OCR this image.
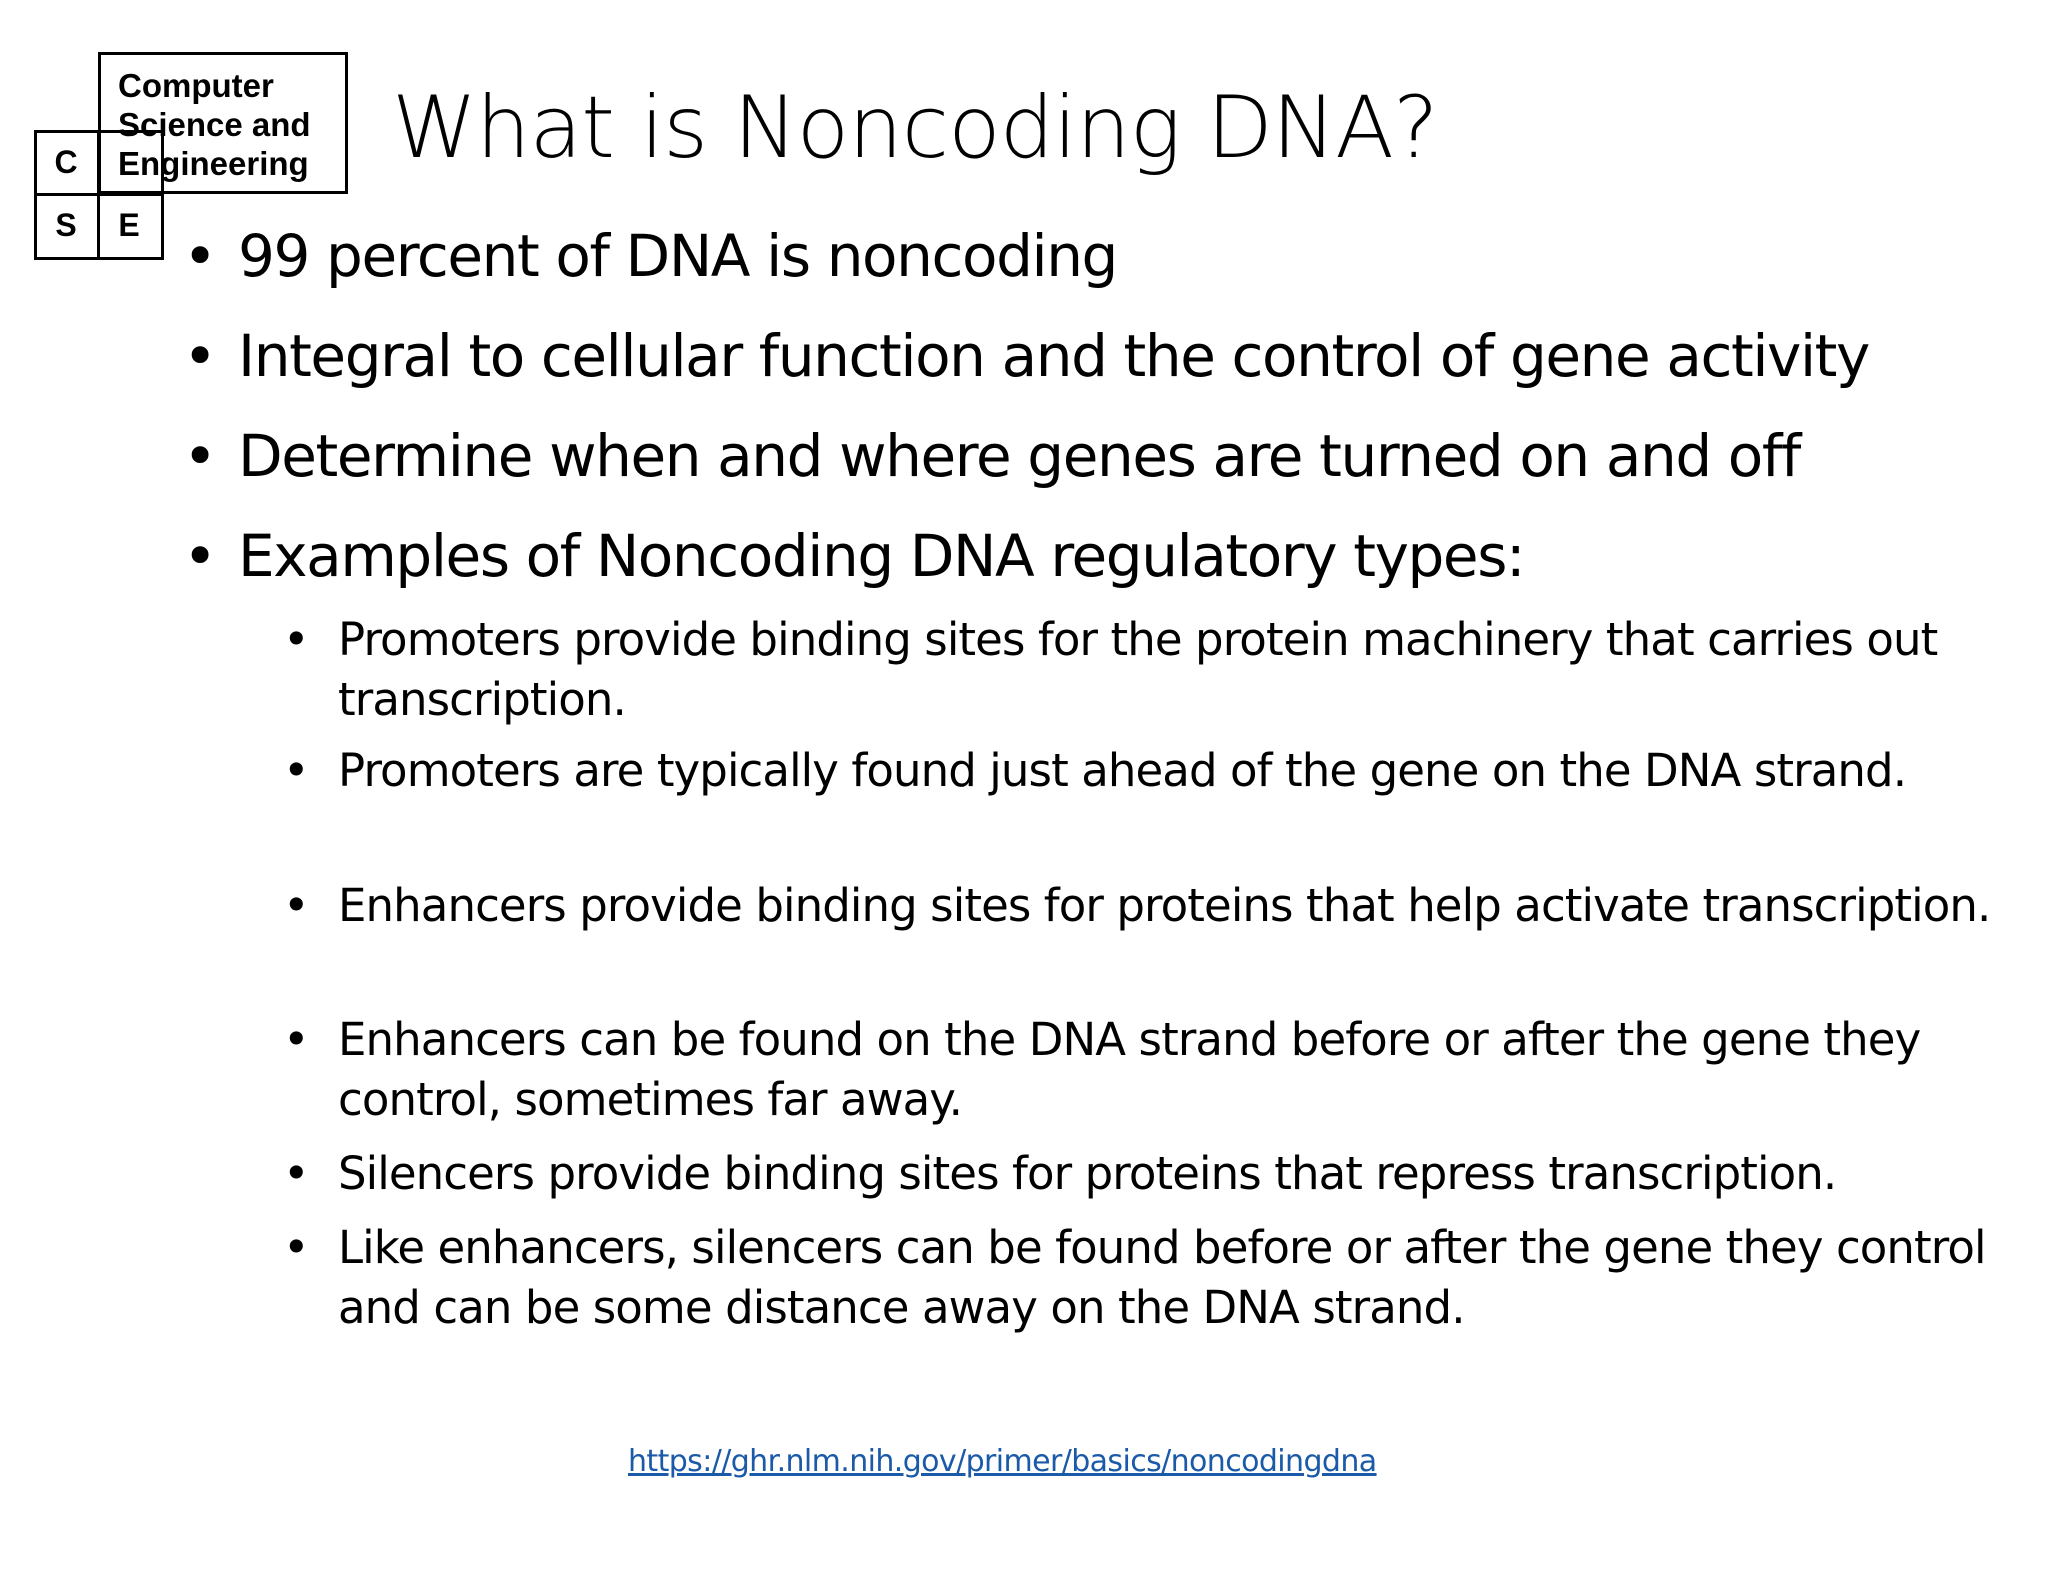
C
S	E
Computer
Science and
Engineering What is Noncoding DNA?
• 99 percent of DNA is noncoding
• Integral to cellular function and the control of gene activity
• Determine when and where genes are turned on and off
• Examples of Noncoding DNA regulatory types:
• Promoters provide binding sites for the protein machinery that carries out transcription.
• Promoters are typically found just ahead of the gene on the DNA strand.
• Enhancers provide binding sites for proteins that help activate transcription.
• Enhancers can be found on the DNA strand before or after the gene they control, sometimes far away.
• Silencers provide binding sites for proteins that repress transcription.
• Like enhancers, silencers can be found before or after the gene they control and can be some distance away on the DNA strand.
https://ghr.nlm.nih.gov/primer/basics/noncodingdna
